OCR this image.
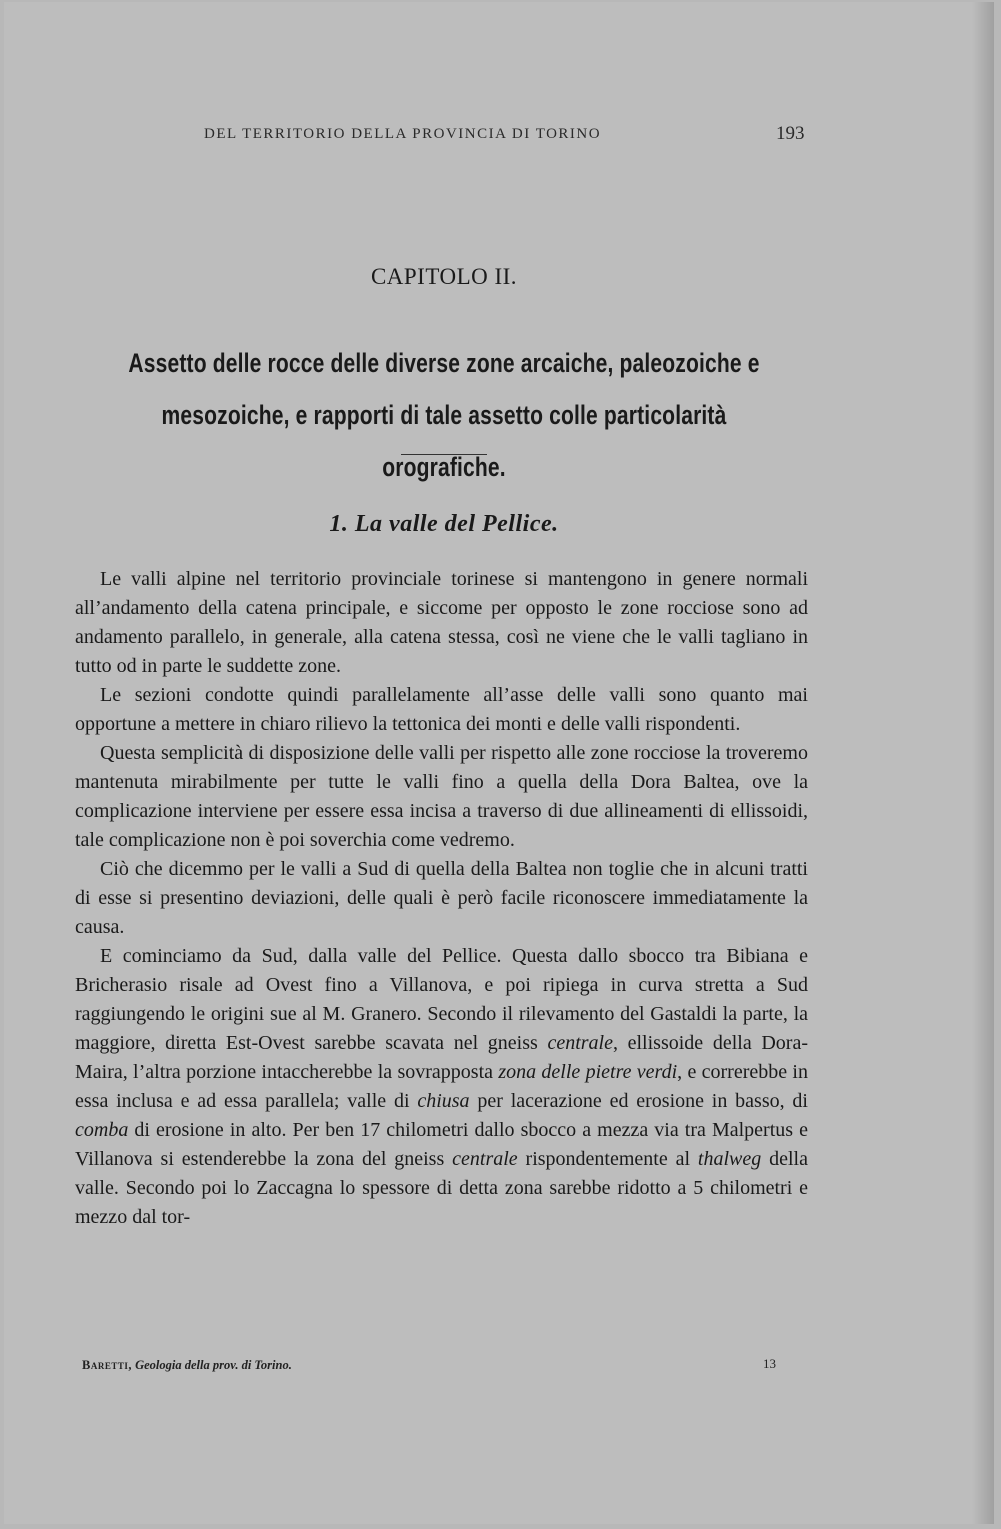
DEL TERRITORIO DELLA PROVINCIA DI TORINO	193
CAPITOLO II.
Assetto delle rocce delle diverse zone arcaiche, paleozoiche e mesozoiche, e rapporti di tale assetto colle particolarità orografiche.
1. La valle del Pellice.

Le valli alpine nel territorio provinciale torinese si mantengono in genere normali all’andamento della catena principale, e siccome per opposto le zone rocciose sono ad andamento parallelo, in generale, alla catena stessa, così ne viene che le valli tagliano in tutto od in parte le suddette zone.

Le sezioni condotte quindi parallelamente all’asse delle valli sono quanto mai opportune a mettere in chiaro rilievo la tettonica dei monti e delle valli rispondenti.

Questa semplicità di disposizione delle valli per rispetto alle zone rocciose la troveremo mantenuta mirabilmente per tutte le valli fino a quella della Dora Baltea, ove la complicazione interviene per essere essa incisa a traverso di due allineamenti di ellissoidi, tale complicazione non è poi soverchia come vedremo.

Ciò che dicemmo per le valli a Sud di quella della Baltea non toglie che in alcuni tratti di esse si presentino deviazioni, delle quali è però facile riconoscere immediatamente la causa.

E cominciamo da Sud, dalla valle del Pellice. Questa dallo sbocco tra Bibiana e Bricherasio risale ad Ovest fino a Villanova, e poi ripiega in curva stretta a Sud raggiungendo le origini sue al M. Granero. Secondo il rilevamento del Gastaldi la parte, la maggiore, diretta Est-Ovest sarebbe scavata nel gneiss centrale, ellissoide della Dora-Maira, l’altra porzione intaccherebbe la sovrapposta zona delle pietre verdi, e correrebbe in essa inclusa e ad essa parallela; valle di chiusa per lacerazione ed erosione in basso, di comba di erosione in alto. Per ben 17 chilometri dallo sbocco a mezza via tra Malpertus e Villanova si estenderebbe la zona del gneiss centrale rispondentemente al thalweg della valle. Secondo poi lo Zaccagna lo spessore di detta zona sarebbe ridotto a 5 chilometri e mezzo dal tor-

Baretti, Geologia della prov. di Torino.	13
